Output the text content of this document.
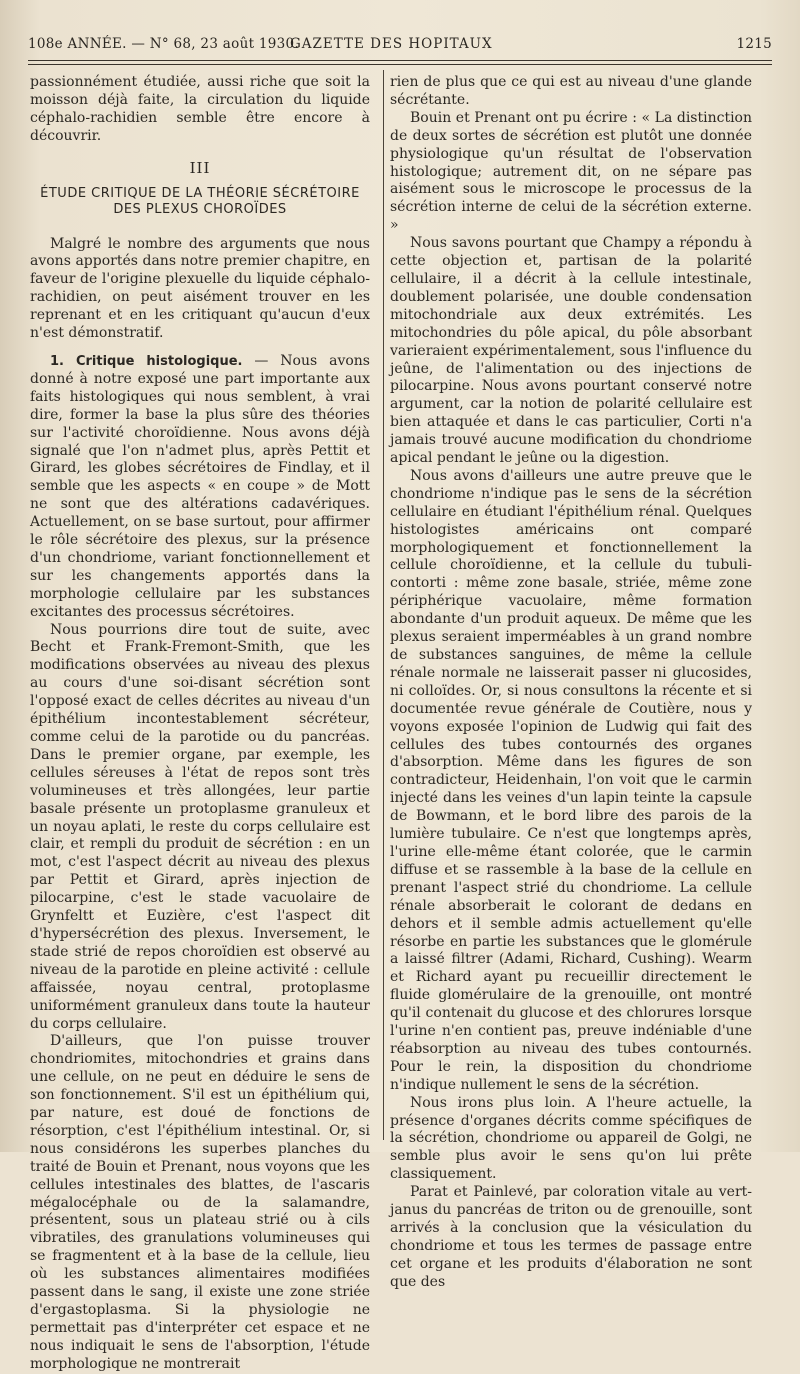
108e ANNÉE. — N° 68, 23 août 1930.
GAZETTE DES HOPITAUX	1215

passionnément étudiée, aussi riche que soit la moisson déjà faite, la circulation du liquide céphalo-rachidien semble être encore à découvrir.

III
ÉTUDE CRITIQUE DE LA THÉORIE SÉCRÉTOIRE
DES PLEXUS CHOROÏDES

Malgré le nombre des arguments que nous avons apportés dans notre premier chapitre, en faveur de l'origine plexuelle du liquide céphalo-rachidien, on peut aisément trouver en les reprenant et en les critiquant qu'aucun d'eux n'est démonstratif.

1. Critique histologique. — Nous avons donné à notre exposé une part importante aux faits histologiques qui nous semblent, à vrai dire, former la base la plus sûre des théories sur l'activité choroïdienne. Nous avons déjà signalé que l'on n'admet plus, après Pettit et Girard, les globes sécrétoires de Findlay, et il semble que les aspects « en coupe » de Mott ne sont que des altérations cadavériques. Actuellement, on se base surtout, pour affirmer le rôle sécrétoire des plexus, sur la présence d'un chondriome, variant fonctionnellement et sur les changements apportés dans la morphologie cellulaire par les substances excitantes des processus sécrétoires.

Nous pourrions dire tout de suite, avec Becht et Frank-Fremont-Smith, que les modifications observées au niveau des plexus au cours d'une soi-disant sécrétion sont l'opposé exact de celles décrites au niveau d'un épithélium incontestablement sécréteur, comme celui de la parotide ou du pancréas. Dans le premier organe, par exemple, les cellules séreuses à l'état de repos sont très volumineuses et très allongées, leur partie basale présente un protoplasme granuleux et un noyau aplati, le reste du corps cellulaire est clair, et rempli du produit de sécrétion : en un mot, c'est l'aspect décrit au niveau des plexus par Pettit et Girard, après injection de pilocarpine, c'est le stade vacuolaire de Grynfeltt et Euzière, c'est l'aspect dit d'hypersécrétion des plexus. Inversement, le stade strié de repos choroïdien est observé au niveau de la parotide en pleine activité : cellule affaissée, noyau central, protoplasme uniformément granuleux dans toute la hauteur du corps cellulaire.

D'ailleurs, que l'on puisse trouver chondriomites, mitochondries et grains dans une cellule, on ne peut en déduire le sens de son fonctionnement. S'il est un épithélium qui, par nature, est doué de fonctions de résorption, c'est l'épithélium intestinal. Or, si nous considérons les superbes planches du traité de Bouin et Prenant, nous voyons que les cellules intestinales des blattes, de l'ascaris mégalocéphale ou de la salamandre, présentent, sous un plateau strié ou à cils vibratiles, des granulations volumineuses qui se fragmentent et à la base de la cellule, lieu où les substances alimentaires modifiées passent dans le sang, il existe une zone striée d'ergastoplasma. Si la physiologie ne permettait pas d'interpréter cet espace et ne nous indiquait le sens de l'absorption, l'étude morphologique ne montrerait

rien de plus que ce qui est au niveau d'une glande sécrétante.

Bouin et Prenant ont pu écrire : « La distinction de deux sortes de sécrétion est plutôt une donnée physiologique qu'un résultat de l'observation histologique; autrement dit, on ne sépare pas aisément sous le microscope le processus de la sécrétion interne de celui de la sécrétion externe. »

Nous savons pourtant que Champy a répondu à cette objection et, partisan de la polarité cellulaire, il a décrit à la cellule intestinale, doublement polarisée, une double condensation mitochondriale aux deux extrémités. Les mitochondries du pôle apical, du pôle absorbant varieraient expérimentalement, sous l'influence du jeûne, de l'alimentation ou des injections de pilocarpine. Nous avons pourtant conservé notre argument, car la notion de polarité cellulaire est bien attaquée et dans le cas particulier, Corti n'a jamais trouvé aucune modification du chondriome apical pendant le jeûne ou la digestion.

Nous avons d'ailleurs une autre preuve que le chondriome n'indique pas le sens de la sécrétion cellulaire en étudiant l'épithélium rénal. Quelques histologistes américains ont comparé morphologiquement et fonctionnellement la cellule choroïdienne, et la cellule du tubuli-contorti : même zone basale, striée, même zone périphérique vacuolaire, même formation abondante d'un produit aqueux. De même que les plexus seraient imperméables à un grand nombre de substances sanguines, de même la cellule rénale normale ne laisserait passer ni glucosides, ni colloïdes. Or, si nous consultons la récente et si documentée revue générale de Coutière, nous y voyons exposée l'opinion de Ludwig qui fait des cellules des tubes contournés des organes d'absorption. Même dans les figures de son contradicteur, Heidenhain, l'on voit que le carmin injecté dans les veines d'un lapin teinte la capsule de Bowmann, et le bord libre des parois de la lumière tubulaire. Ce n'est que longtemps après, l'urine elle-même étant colorée, que le carmin diffuse et se rassemble à la base de la cellule en prenant l'aspect strié du chondriome. La cellule rénale absorberait le colorant de dedans en dehors et il semble admis actuellement qu'elle résorbe en partie les substances que le glomérule a laissé filtrer (Adami, Richard, Cushing). Wearm et Richard ayant pu recueillir directement le fluide glomérulaire de la grenouille, ont montré qu'il contenait du glucose et des chlorures lorsque l'urine n'en contient pas, preuve indéniable d'une réabsorption au niveau des tubes contournés. Pour le rein, la disposition du chondriome n'indique nullement le sens de la sécrétion.

Nous irons plus loin. A l'heure actuelle, la présence d'organes décrits comme spécifiques de la sécrétion, chondriome ou appareil de Golgi, ne semble plus avoir le sens qu'on lui prête classiquement.

Parat et Painlevé, par coloration vitale au vert-janus du pancréas de triton ou de grenouille, sont arrivés à la conclusion que la vésiculation du chondriome et tous les termes de passage entre cet organe et les produits d'élaboration ne sont que des
